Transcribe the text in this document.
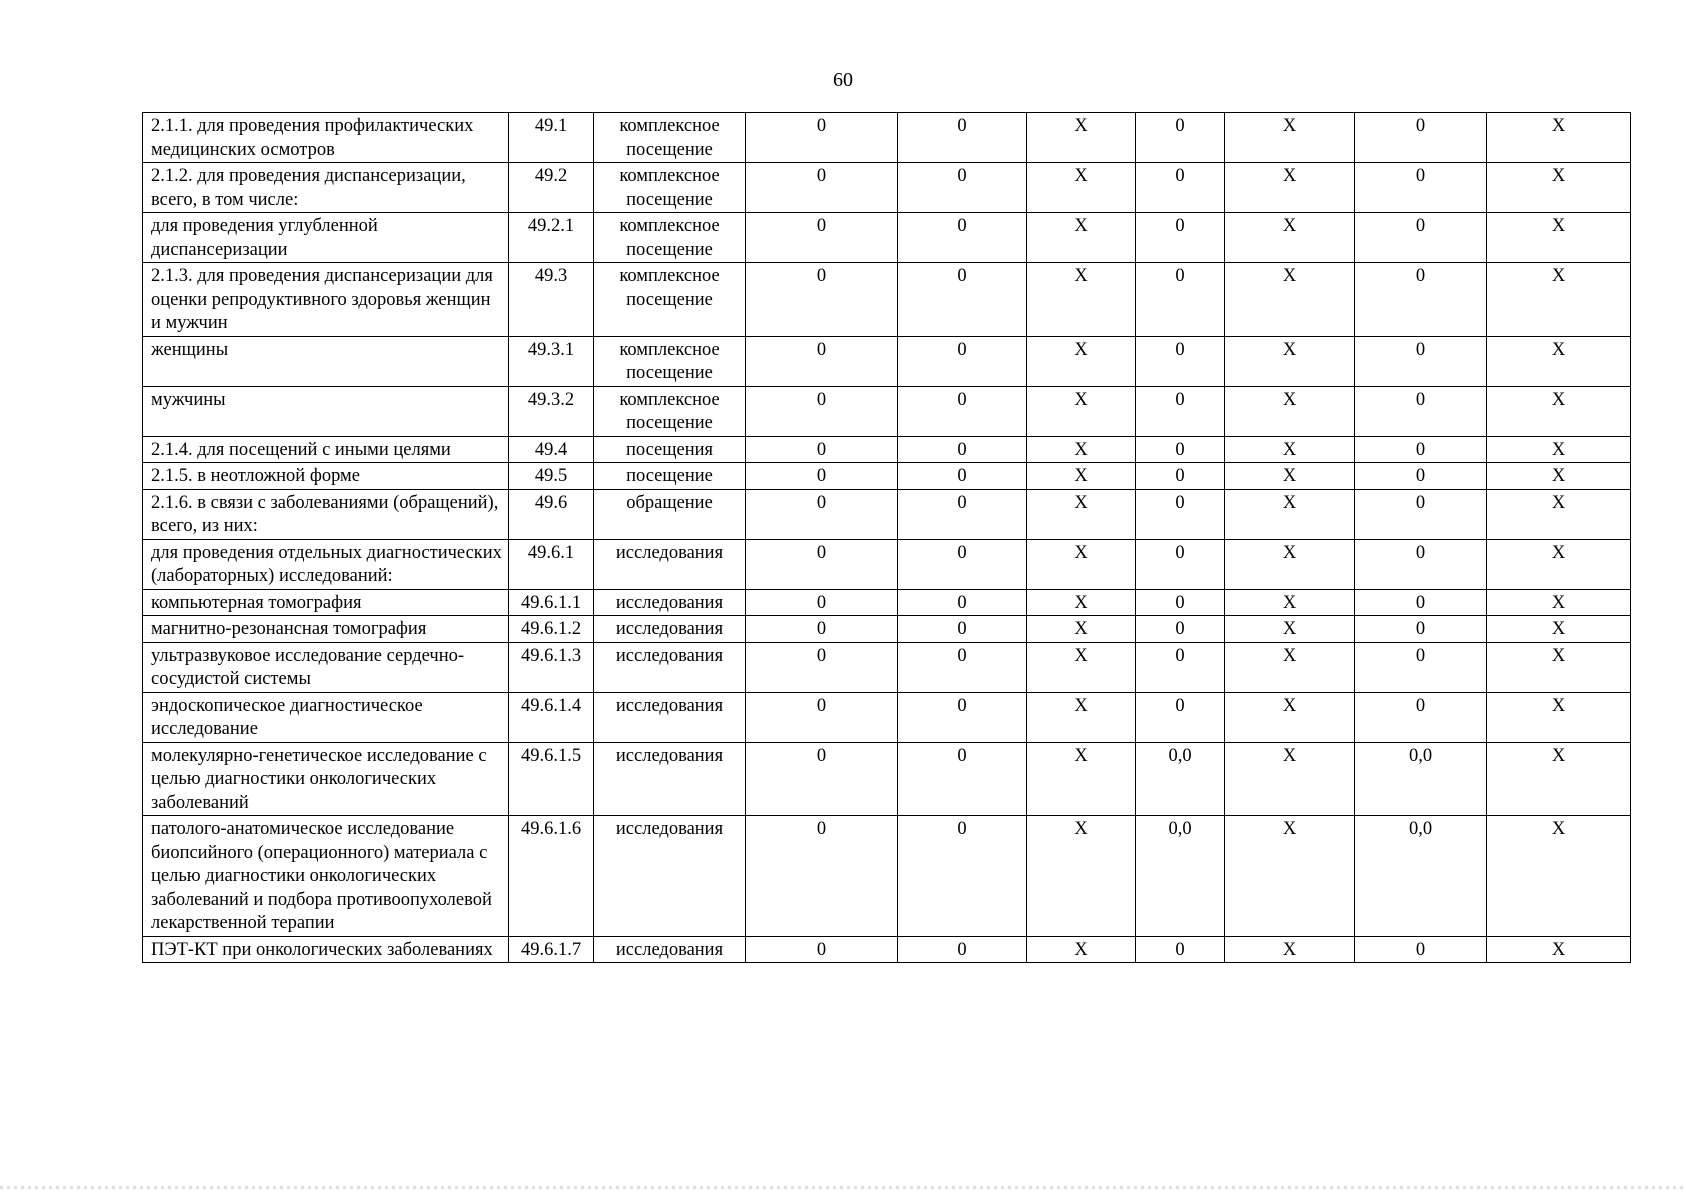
60
2.1.1. для проведения профилактических медицинских осмотров	49.1	комплексное посещение	0	0	X	0	X	0	X
2.1.2. для проведения диспансеризации, всего, в том числе:	49.2	комплексное посещение	0	0	X	0	X	0	X
для проведения углубленной диспансеризации	49.2.1	комплексное посещение	0	0	X	0	X	0	X
2.1.3. для проведения диспансеризации для оценки репродуктивного здоровья женщин и мужчин	49.3	комплексное посещение	0	0	X	0	X	0	X
женщины	49.3.1	комплексное посещение	0	0	X	0	X	0	X
мужчины	49.3.2	комплексное посещение	0	0	X	0	X	0	X
2.1.4. для посещений с иными целями	49.4	посещения	0	0	X	0	X	0	X
2.1.5. в неотложной форме	49.5	посещение	0	0	X	0	X	0	X
2.1.6. в связи с заболеваниями (обращений), всего, из них:	49.6	обращение	0	0	X	0	X	0	X
для проведения отдельных диагностических (лабораторных) исследований:	49.6.1	исследования	0	0	X	0	X	0	X
компьютерная томография	49.6.1.1	исследования	0	0	X	0	X	0	X
магнитно-резонансная томография	49.6.1.2	исследования	0	0	X	0	X	0	X
ультразвуковое исследование сердечно-сосудистой системы	49.6.1.3	исследования	0	0	X	0	X	0	X
эндоскопическое диагностическое исследование	49.6.1.4	исследования	0	0	X	0	X	0	X
молекулярно-генетическое исследование с целью диагностики онкологических заболеваний	49.6.1.5	исследования	0	0	X	0,0	X	0,0	X
патолого-анатомическое исследование биопсийного (операционного) материала с целью диагностики онкологических заболеваний и подбора противоопухолевой лекарственной терапии	49.6.1.6	исследования	0	0	X	0,0	X	0,0	X
ПЭТ-КТ при онкологических заболеваниях	49.6.1.7	исследования	0	0	X	0	X	0	X
